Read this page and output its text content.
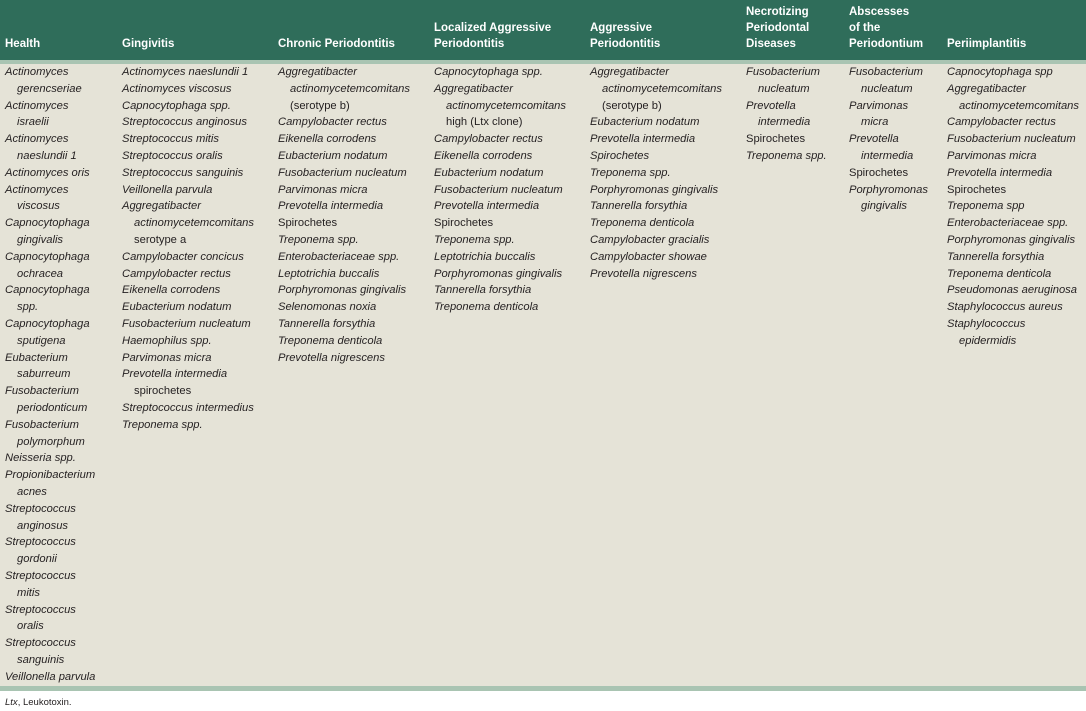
Health	Gingivitis	Chronic Periodontitis
Localized Aggressive
Periodontitis
Aggressive
Periodontitis
Necrotizing
Periodontal
Diseases
Abscesses
of the
Periodontium Periimplantitis
Actinomyces
gerencseriae
Actinomyces
israelii
Actinomyces
naeslundii 1
Actinomyces oris
Actinomyces
viscosus
Capnocytophaga
gingivalis
Capnocytophaga
ochracea
Capnocytophaga
spp.
Capnocytophaga
sputigena
Eubacterium
saburreum
Fusobacterium
periodonticum
Fusobacterium
polymorphum
Neisseria spp.
Propionibacterium
acnes
Streptococcus
anginosus
Streptococcus
gordonii
Streptococcus
mitis
Streptococcus
oralis
Streptococcus
sanguinis
Veillonella parvula
Actinomyces naeslundii 1
Actinomyces viscosus
Capnocytophaga spp.
Streptococcus anginosus
Streptococcus mitis
Streptococcus oralis
Streptococcus sanguinis
Veillonella parvula
Aggregatibacter
actinomycetemcomitans
serotype a
Campylobacter concicus
Campylobacter rectus
Eikenella corrodens
Eubacterium nodatum
Fusobacterium nucleatum
Haemophilus spp.
Parvimonas micra
Prevotella intermedia
spirochetes
Streptococcus intermedius
Treponema spp.
Aggregatibacter
actinomycetemcomitans
(serotype b)
Campylobacter rectus
Eikenella corrodens
Eubacterium nodatum
Fusobacterium nucleatum
Parvimonas micra
Prevotella intermedia
Spirochetes
Treponema spp.
Enterobacteriaceae spp.
Leptotrichia buccalis
Porphyromonas gingivalis
Selenomonas noxia
Tannerella forsythia
Treponema denticola
Prevotella nigrescens
Capnocytophaga spp.
Aggregatibacter
actinomycetemcomitans
high (Ltx clone)
Campylobacter rectus
Eikenella corrodens
Eubacterium nodatum
Fusobacterium nucleatum
Prevotella intermedia
Spirochetes
Treponema spp.
Leptotrichia buccalis
Porphyromonas gingivalis
Tannerella forsythia
Treponema denticola
Aggregatibacter
actinomycetemcomitans
(serotype b)
Eubacterium nodatum
Prevotella intermedia
Spirochetes
Treponema spp.
Porphyromonas gingivalis
Tannerella forsythia
Treponema denticola
Campylobacter gracialis
Campylobacter showae
Prevotella nigrescens
Fusobacterium
nucleatum
Prevotella
intermedia
Spirochetes
Treponema spp.
Fusobacterium
nucleatum
Parvimonas
micra
Prevotella
intermedia
Spirochetes
Porphyromonas
gingivalis
Capnocytophaga spp
Aggregatibacter
actinomycetemcomitans
Campylobacter rectus
Fusobacterium nucleatum
Parvimonas micra
Prevotella intermedia
Spirochetes
Treponema spp
Enterobacteriaceae spp.
Porphyromonas gingivalis
Tannerella forsythia
Treponema denticola
Pseudomonas aeruginosa
Staphylococcus aureus
Staphylococcus
epidermidis
Ltx, Leukotoxin.
